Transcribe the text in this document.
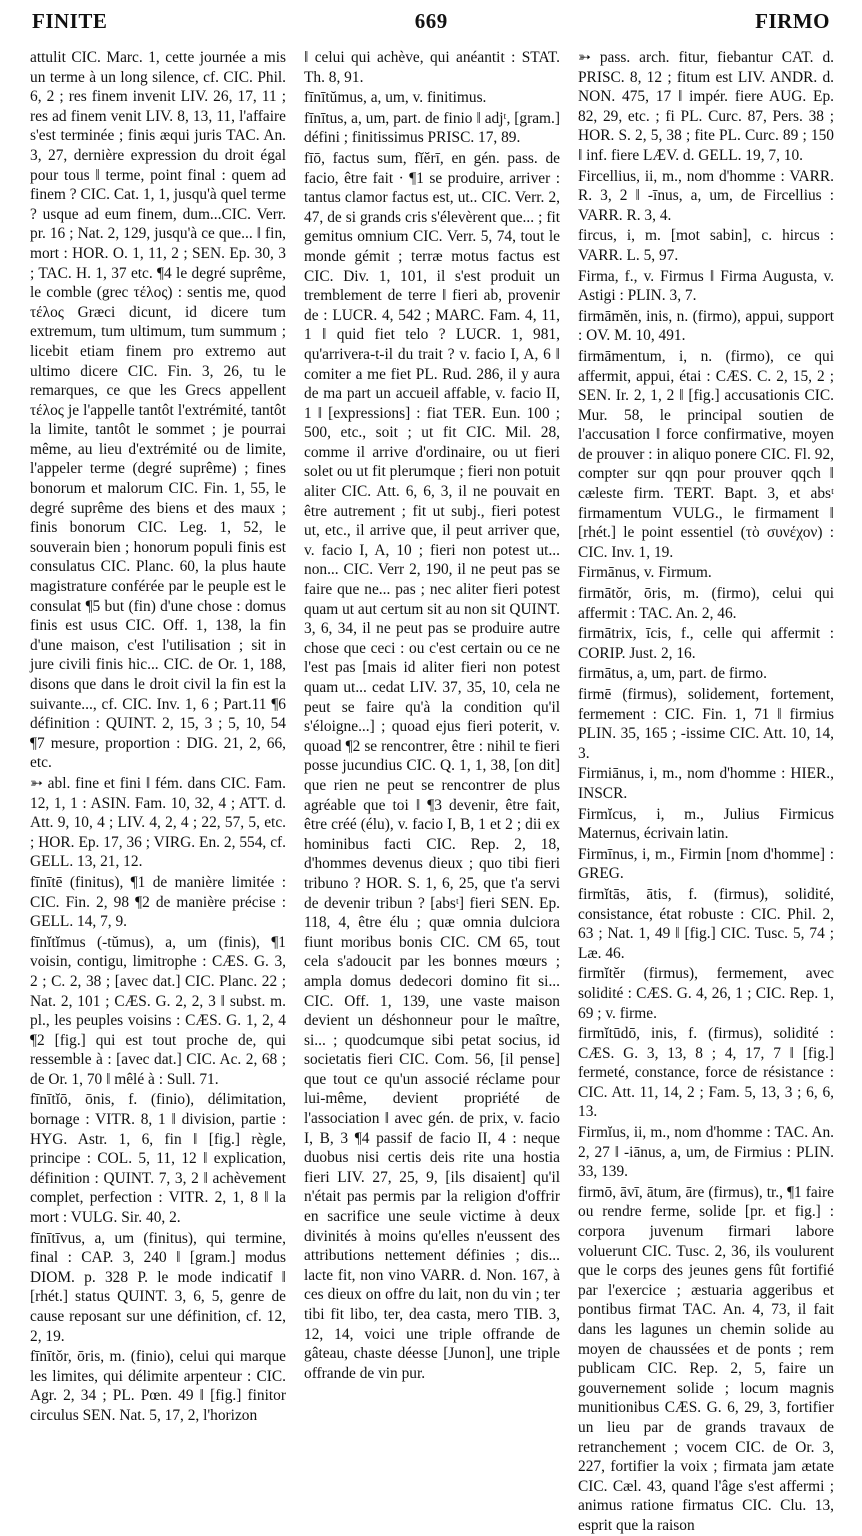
FINITE	669	FIRMO

attulit CIC. Marc. 1, cette journée a mis un terme à un long silence, cf. CIC. Phil. 6, 2 ; res finem invenit LIV. 26, 17, 11 ; res ad finem venit LIV. 8, 13, 11, l'affaire s'est terminée ; finis æqui juris TAC. An. 3, 27, dernière expression du droit égal pour tous ‖ terme, point final : quem ad finem ? CIC. Cat. 1, 1, jusqu'à quel terme ? usque ad eum finem, dum...CIC. Verr. pr. 16 ; Nat. 2, 129, jusqu'à ce que... ‖ fin, mort : HOR. O. 1, 11, 2 ; SEN. Ep. 30, 3 ; TAC. H. 1, 37 etc. ¶4 le degré suprême, le comble (grec τέλος) : sentis me, quod τέλος Græci dicunt, id dicere tum extremum, tum ultimum, tum summum ; licebit etiam finem pro extremo aut ultimo dicere CIC. Fin. 3, 26, tu le remarques, ce que les Grecs appellent τέλος je l'appelle tantôt l'extrémité, tantôt la limite, tantôt le sommet ; je pourrai même, au lieu d'extrémité ou de limite, l'appeler terme (degré suprême) ; fines bonorum et malorum CIC. Fin. 1, 55, le degré suprême des biens et des maux ; finis bonorum CIC. Leg. 1, 52, le souverain bien ; honorum populi finis est consulatus CIC. Planc. 60, la plus haute magistrature conférée par le peuple est le consulat ¶5 but (fin) d'une chose : domus finis est usus CIC. Off. 1, 138, la fin d'une maison, c'est l'utilisation ; sit in jure civili finis hic... CIC. de Or. 1, 188, disons que dans le droit civil la fin est la suivante..., cf. CIC. Inv. 1, 6 ; Part.11 ¶6 définition : QUINT. 2, 15, 3 ; 5, 10, 54 ¶7 mesure, proportion : DIG. 21, 2, 66, etc.

➳ abl. fine et fini ‖ fém. dans CIC. Fam. 12, 1, 1 : ASIN. Fam. 10, 32, 4 ; ATT. d. Att. 9, 10, 4 ; LIV. 4, 2, 4 ; 22, 57, 5, etc. ; HOR. Ep. 17, 36 ; VIRG. En. 2, 554, cf. GELL. 13, 21, 12.

fīnītē (finitus), ¶1 de manière limitée : CIC. Fin. 2, 98 ¶2 de manière précise : GELL. 14, 7, 9.

fīnĭtĭmus (-tŭmus), a, um (finis), ¶1 voisin, contigu, limitrophe : CÆS. G. 3, 2 ; C. 2, 38 ; [avec dat.] CIC. Planc. 22 ; Nat. 2, 101 ; CÆS. G. 2, 2, 3 ‖ subst. m. pl., les peuples voisins : CÆS. G. 1, 2, 4 ¶2 [fig.] qui est tout proche de, qui ressemble à : [avec dat.] CIC. Ac. 2, 68 ; de Or. 1, 70 ‖ mêlé à : Sull. 71.

fīnītĭō, ōnis, f. (finio), délimitation, bornage : VITR. 8, 1 ‖ division, partie : HYG. Astr. 1, 6, fin ‖ [fig.] règle, principe : COL. 5, 11, 12 ‖ explication, définition : QUINT. 7, 3, 2 ‖ achèvement complet, perfection : VITR. 2, 1, 8 ‖ la mort : VULG. Sir. 40, 2.

fīnītīvus, a, um (finitus), qui termine, final : CAP. 3, 240 ‖ [gram.] modus DIOM. p. 328 P. le mode indicatif ‖ [rhét.] status QUINT. 3, 6, 5, genre de cause reposant sur une définition, cf. 12, 2, 19.

fīnītŏr, ōris, m. (finio), celui qui marque les limites, qui délimite arpenteur : CIC. Agr. 2, 34 ; PL. Pœn. 49 ‖ [fig.] finitor circulus SEN. Nat. 5, 17, 2, l'horizon

‖ celui qui achève, qui anéantit : STAT. Th. 8, 91.

fīnītŭmus, a, um, v. finitimus.

fīnītus, a, um, part. de finio ‖ adjᵗ, [gram.] défini ; finitissimus PRISC. 17, 89.

fīō, factus sum, fĭĕrī, en gén. pass. de facio, être fait · ¶1 se produire, arriver : tantus clamor factus est, ut.. CIC. Verr. 2, 47, de si grands cris s'élevèrent que... ; fit gemitus omnium CIC. Verr. 5, 74, tout le monde gémit ; terræ motus factus est CIC. Div. 1, 101, il s'est produit un tremblement de terre ‖ fieri ab, provenir de : LUCR. 4, 542 ; MARC. Fam. 4, 11, 1 ‖ quid fiet telo ? LUCR. 1, 981, qu'arrivera-t-il du trait ? v. facio I, A, 6 ‖ comiter a me fiet PL. Rud. 286, il y aura de ma part un accueil affable, v. facio II, 1 ‖ [expressions] : fiat TER. Eun. 100 ; 500, etc., soit ; ut fit CIC. Mil. 28, comme il arrive d'ordinaire, ou ut fieri solet ou ut fit plerumque ; fieri non potuit aliter CIC. Att. 6, 6, 3, il ne pouvait en être autrement ; fit ut subj., fieri potest ut, etc., il arrive que, il peut arriver que, v. facio I, A, 10 ; fieri non potest ut... non... CIC. Verr 2, 190, il ne peut pas se faire que ne... pas ; nec aliter fieri potest quam ut aut certum sit au non sit QUINT. 3, 6, 34, il ne peut pas se produire autre chose que ceci : ou c'est certain ou ce ne l'est pas [mais id aliter fieri non potest quam ut... cedat LIV. 37, 35, 10, cela ne peut se faire qu'à la condition qu'il s'éloigne...] ; quoad ejus fieri poterit, v. quoad ¶2 se rencontrer, être : nihil te fieri posse jucundius CIC. Q. 1, 1, 38, [on dit] que rien ne peut se rencontrer de plus agréable que toi ‖ ¶3 devenir, être fait, être créé (élu), v. facio I, B, 1 et 2 ; dii ex hominibus facti CIC. Rep. 2, 18, d'hommes devenus dieux ; quo tibi fieri tribuno ? HOR. S. 1, 6, 25, que t'a servi de devenir tribun ? [absᵗ] fieri SEN. Ep. 118, 4, être élu ; quæ omnia dulciora fiunt moribus bonis CIC. CM 65, tout cela s'adoucit par les bonnes mœurs ; ampla domus dedecori domino fit si... CIC. Off. 1, 139, une vaste maison devient un déshonneur pour le maître, si... ; quodcumque sibi petat socius, id societatis fieri CIC. Com. 56, [il pense] que tout ce qu'un associé réclame pour lui-même, devient propriété de l'association ‖ avec gén. de prix, v. facio I, B, 3 ¶4 passif de facio II, 4 : neque duobus nisi certis deis rite una hostia fieri LIV. 27, 25, 9, [ils disaient] qu'il n'était pas permis par la religion d'offrir en sacrifice une seule victime à deux divinités à moins qu'elles n'eussent des attributions nettement définies ; dis... lacte fit, non vino VARR. d. Non. 167, à ces dieux on offre du lait, non du vin ; ter tibi fit libo, ter, dea casta, mero TIB. 3, 12, 14, voici une triple offrande de gâteau, chaste déesse [Junon], une triple offrande de vin pur.

➳ pass. arch. fitur, fiebantur CAT. d. PRISC. 8, 12 ; fitum est LIV. ANDR. d. NON. 475, 17 ‖ impér. fiere AUG. Ep. 82, 29, etc. ; fi PL. Curc. 87, Pers. 38 ; HOR. S. 2, 5, 38 ; fite PL. Curc. 89 ; 150 ‖ inf. fiere LÆV. d. GELL. 19, 7, 10.

Fircellius, ii, m., nom d'homme : VARR. R. 3, 2 ‖ -īnus, a, um, de Fircellius : VARR. R. 3, 4.

fircus, i, m. [mot sabin], c. hircus : VARR. L. 5, 97.

Firma, f., v. Firmus ‖ Firma Augusta, v. Astigi : PLIN. 3, 7.

firmāmĕn, inis, n. (firmo), appui, support : OV. M. 10, 491.

firmāmentum, i, n. (firmo), ce qui affermit, appui, étai : CÆS. C. 2, 15, 2 ; SEN. Ir. 2, 1, 2 ‖ [fig.] accusationis CIC. Mur. 58, le principal soutien de l'accusation ‖ force confirmative, moyen de prouver : in aliquo ponere CIC. Fl. 92, compter sur qqn pour prouver qqch ‖ cæleste firm. TERT. Bapt. 3, et absᵗ firmamentum VULG., le firmament ‖ [rhét.] le point essentiel (τὸ συνέχον) : CIC. Inv. 1, 19.

Firmānus, v. Firmum.

firmātŏr, ōris, m. (firmo), celui qui affermit : TAC. An. 2, 46.

firmātrix, īcis, f., celle qui affermit : CORIP. Just. 2, 16.

firmātus, a, um, part. de firmo.

firmē (firmus), solidement, fortement, fermement : CIC. Fin. 1, 71 ‖ firmius PLIN. 35, 165 ; -issime CIC. Att. 10, 14, 3.

Firmiānus, i, m., nom d'homme : HIER., INSCR.

Firmĭcus, i, m., Julius Firmicus Maternus, écrivain latin.

Firmīnus, i, m., Firmin [nom d'homme] : GREG.

firmĭtās, ātis, f. (firmus), solidité, consistance, état robuste : CIC. Phil. 2, 63 ; Nat. 1, 49 ‖ [fig.] CIC. Tusc. 5, 74 ; Læ. 46.

firmĭtĕr (firmus), fermement, avec solidité : CÆS. G. 4, 26, 1 ; CIC. Rep. 1, 69 ; v. firme.

firmĭtūdō, inis, f. (firmus), solidité : CÆS. G. 3, 13, 8 ; 4, 17, 7 ‖ [fig.] fermeté, constance, force de résistance : CIC. Att. 11, 14, 2 ; Fam. 5, 13, 3 ; 6, 6, 13.

Firmĭus, ii, m., nom d'homme : TAC. An. 2, 27 ‖ -iānus, a, um, de Firmius : PLIN. 33, 139.

firmō, āvī, ātum, āre (firmus), tr., ¶1 faire ou rendre ferme, solide [pr. et fig.] : corpora juvenum firmari labore voluerunt CIC. Tusc. 2, 36, ils voulurent que le corps des jeunes gens fût fortifié par l'exercice ; æstuaria aggeribus et pontibus firmat TAC. An. 4, 73, il fait dans les lagunes un chemin solide au moyen de chaussées et de ponts ; rem publicam CIC. Rep. 2, 5, faire un gouvernement solide ; locum magnis munitionibus CÆS. G. 6, 29, 3, fortifier un lieu par de grands travaux de retranchement ; vocem CIC. de Or. 3, 227, fortifier la voix ; firmata jam ætate CIC. Cæl. 43, quand l'âge s'est affermi ; animus ratione firmatus CIC. Clu. 13, esprit que la raison
